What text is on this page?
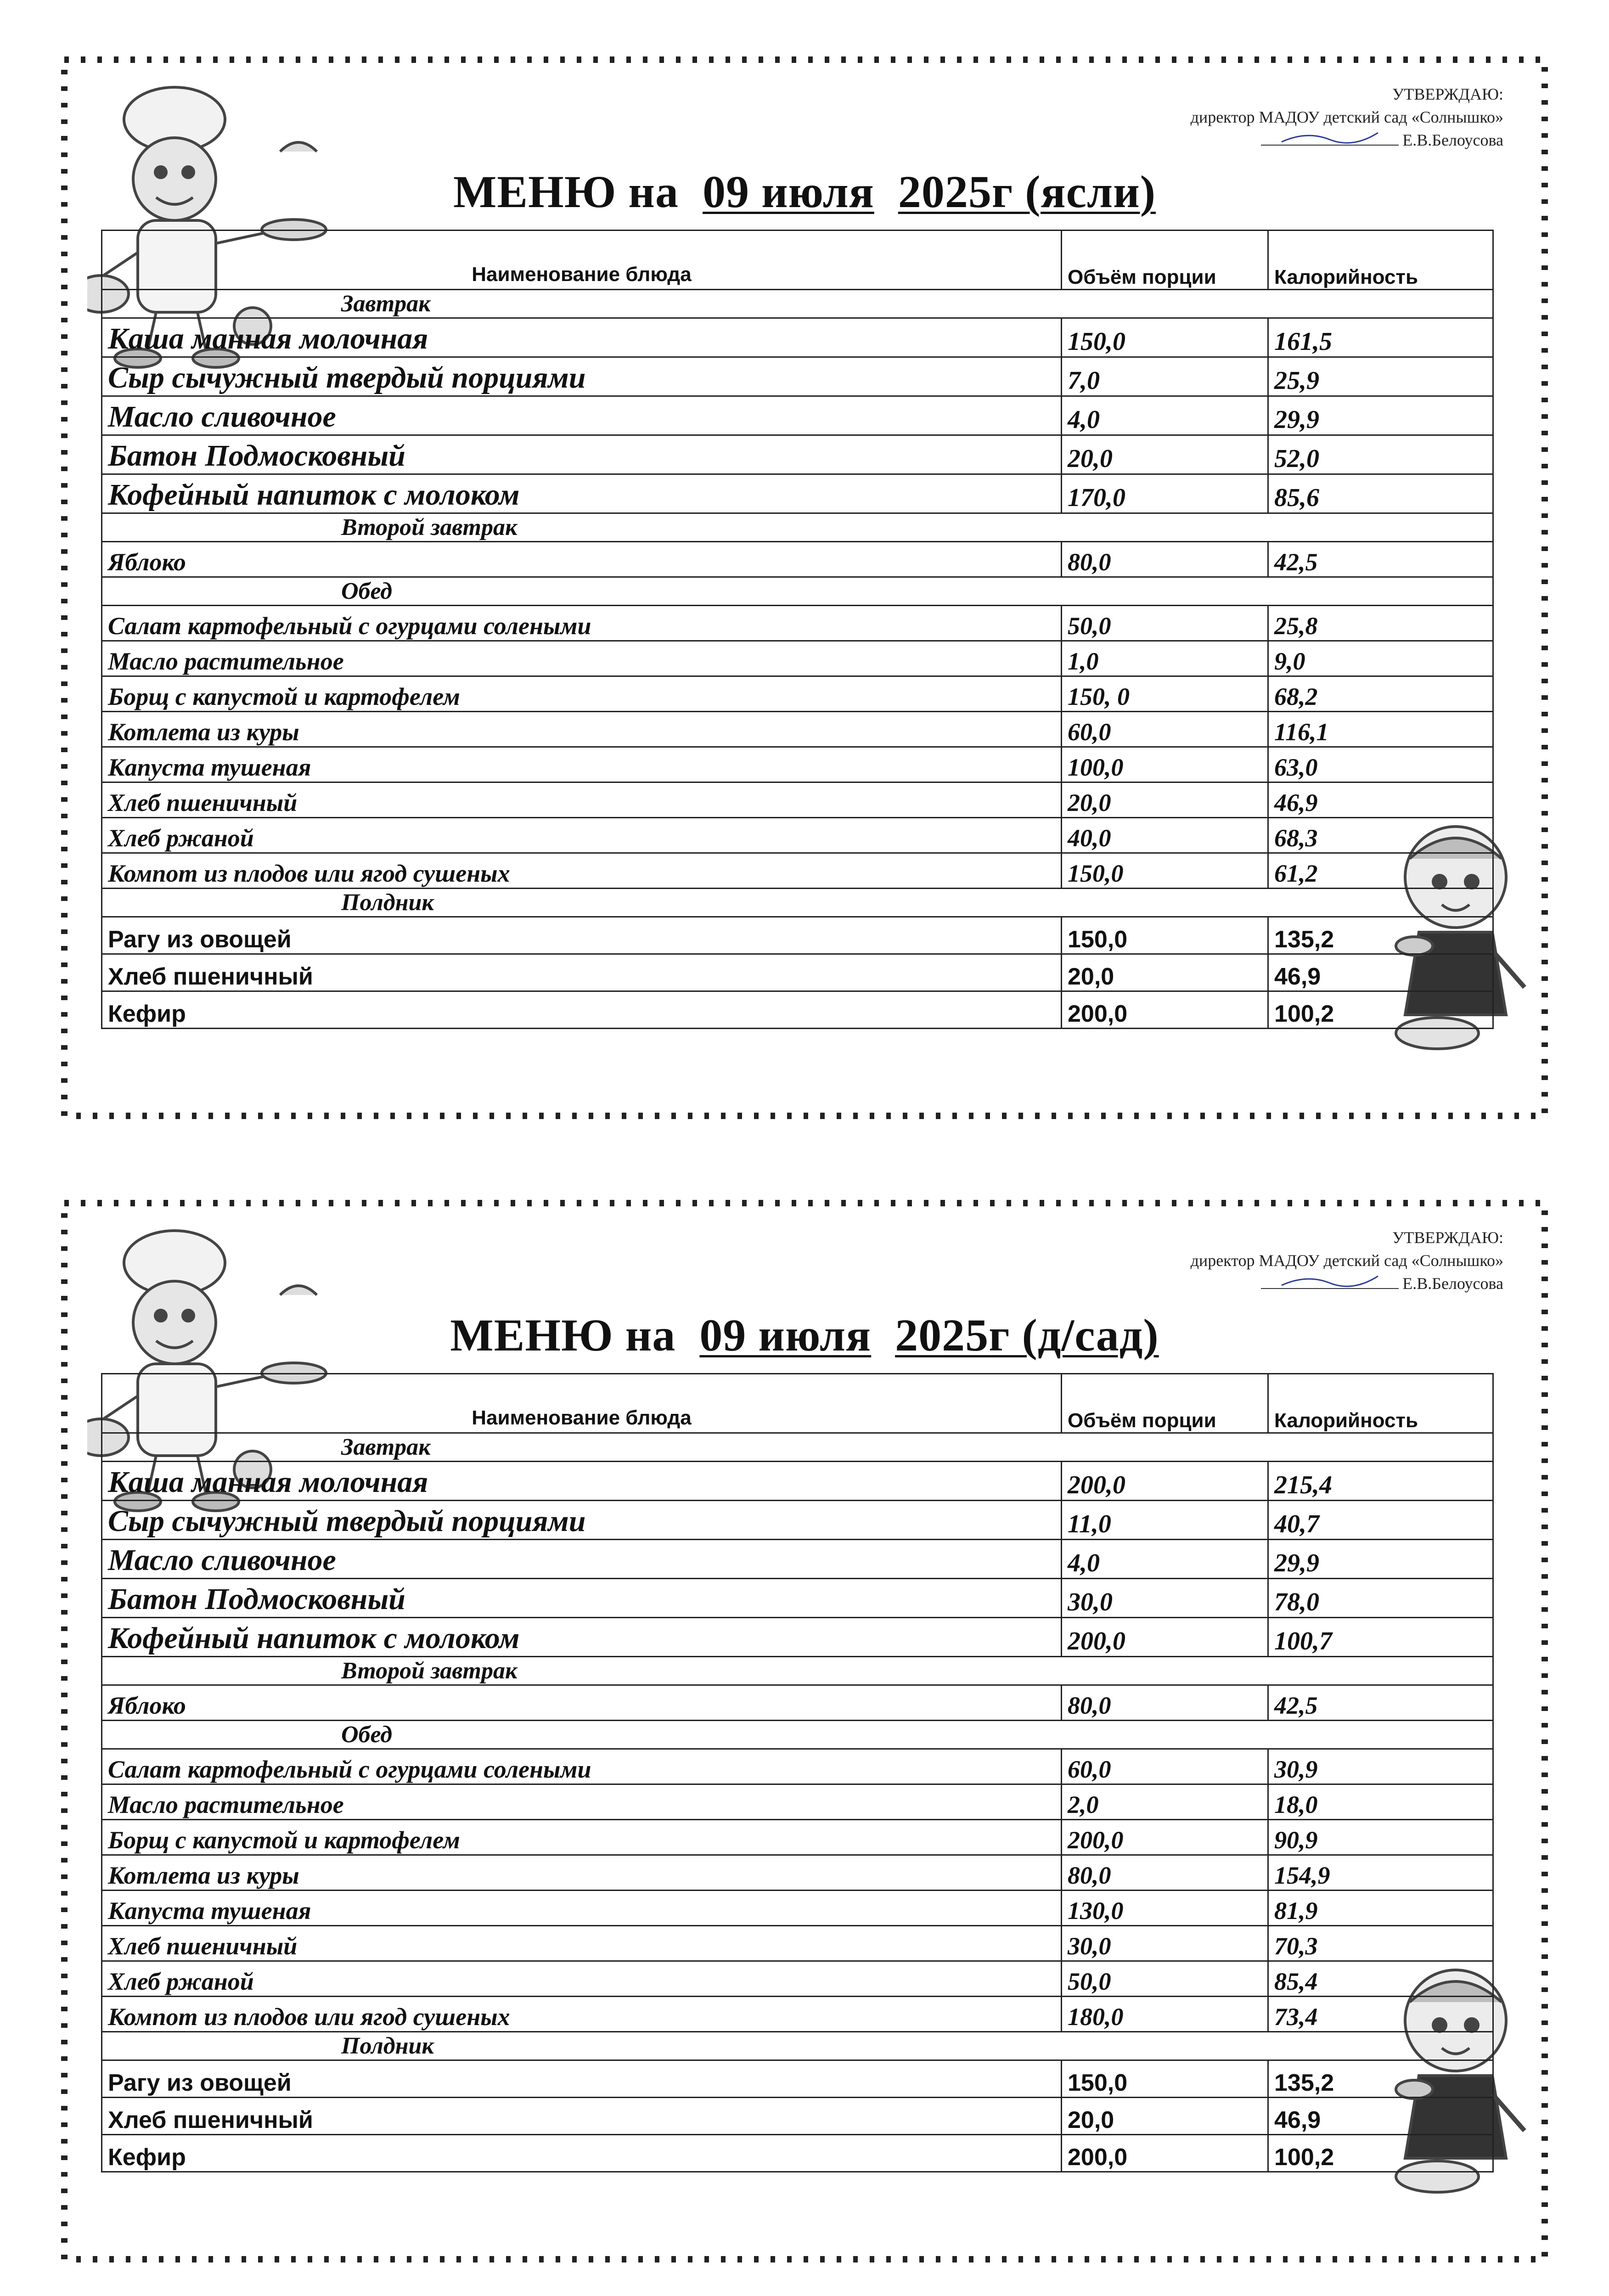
УТВЕРЖДАЮ:
директор МАДОУ детский сад «Солнышко»
Е.В.Белоусова
МЕНЮ на 09 июля 2025г (ясли)
Наименование блюда	Объём порции	Калорийность
Завтрак		
Каша манная молочная	150,0	161,5
Сыр сычужный твердый порциями	7,0	25,9
Масло сливочное	4,0	29,9
Батон Подмосковный	20,0	52,0
Кофейный напиток с молоком	170,0	85,6
Второй завтрак		
Яблоко	80,0	42,5
Обед		
Салат картофельный с огурцами солеными	50,0	25,8
Масло растительное	1,0	9,0
Борщ с капустой и картофелем	150, 0	68,2
Котлета из куры	60,0	116,1
Капуста тушеная	100,0	63,0
Хлеб пшеничный	20,0	46,9
Хлеб ржаной	40,0	68,3
Компот из плодов или ягод сушеных	150,0	61,2
Полдник		
Рагу из овощей	150,0	135,2
Хлеб пшеничный	20,0	46,9
Кефир	200,0	100,2
УТВЕРЖДАЮ:
директор МАДОУ детский сад «Солнышко»
Е.В.Белоусова
МЕНЮ на 09 июля 2025г (д/сад)
Наименование блюда	Объём порции	Калорийность
Завтрак		
Каша манная молочная	200,0	215,4
Сыр сычужный твердый порциями	11,0	40,7
Масло сливочное	4,0	29,9
Батон Подмосковный	30,0	78,0
Кофейный напиток с молоком	200,0	100,7
Второй завтрак		
Яблоко	80,0	42,5
Обед		
Салат картофельный с огурцами солеными	60,0	30,9
Масло растительное	2,0	18,0
Борщ с капустой и картофелем	200,0	90,9
Котлета из куры	80,0	154,9
Капуста тушеная	130,0	81,9
Хлеб пшеничный	30,0	70,3
Хлеб ржаной	50,0	85,4
Компот из плодов или ягод сушеных	180,0	73,4
Полдник		
Рагу из овощей	150,0	135,2
Хлеб пшеничный	20,0	46,9
Кефир	200,0	100,2
